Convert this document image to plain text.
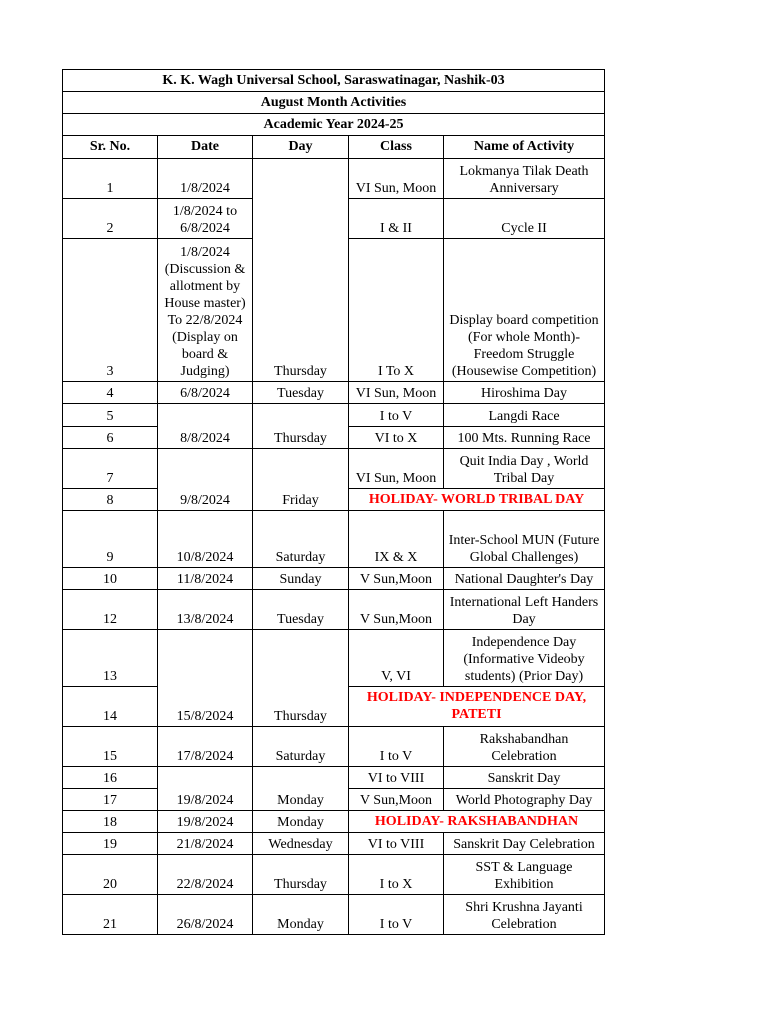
K. K. Wagh Universal School, Saraswatinagar, Nashik-03				
August Month Activities				
Academic Year 2024-25				
Sr. No.	Date	Day	Class	Name of Activity
1	1/8/2024	Thursday	VI Sun, Moon	Lokmanya Tilak Death Anniversary
2	1/8/2024 to 6/8/2024		I & II	Cycle II
3	1/8/2024 (Discussion & allotment by House master) To 22/8/2024 (Display on board & Judging)		I To X	Display board competition (For whole Month)- Freedom Struggle (Housewise Competition)
4	6/8/2024	Tuesday	VI Sun, Moon	Hiroshima Day
5	8/8/2024	Thursday	I to V	Langdi Race
6			VI to X	100 Mts. Running Race
7	9/8/2024	Friday	VI Sun, Moon	Quit India Day , World Tribal Day
8			HOLIDAY- WORLD TRIBAL DAY	
9	10/8/2024	Saturday	IX & X	Inter-School MUN (Future Global Challenges)
10	11/8/2024	Sunday	V Sun,Moon	National Daughter's Day
12	13/8/2024	Tuesday	V Sun,Moon	International Left Handers Day
13	15/8/2024	Thursday	V, VI	Independence Day (Informative Videoby students) (Prior Day)
14			HOLIDAY- INDEPENDENCE DAY, PATETI	
15	17/8/2024	Saturday	I to V	Rakshabandhan Celebration
16	19/8/2024	Monday	VI to VIII	Sanskrit Day
17			V Sun,Moon	World Photography Day
18	19/8/2024	Monday	HOLIDAY- RAKSHABANDHAN	
19	21/8/2024	Wednesday	VI to VIII	Sanskrit Day Celebration
20	22/8/2024	Thursday	I to X	SST & Language Exhibition
21	26/8/2024	Monday	I to V	Shri Krushna Jayanti Celebration
